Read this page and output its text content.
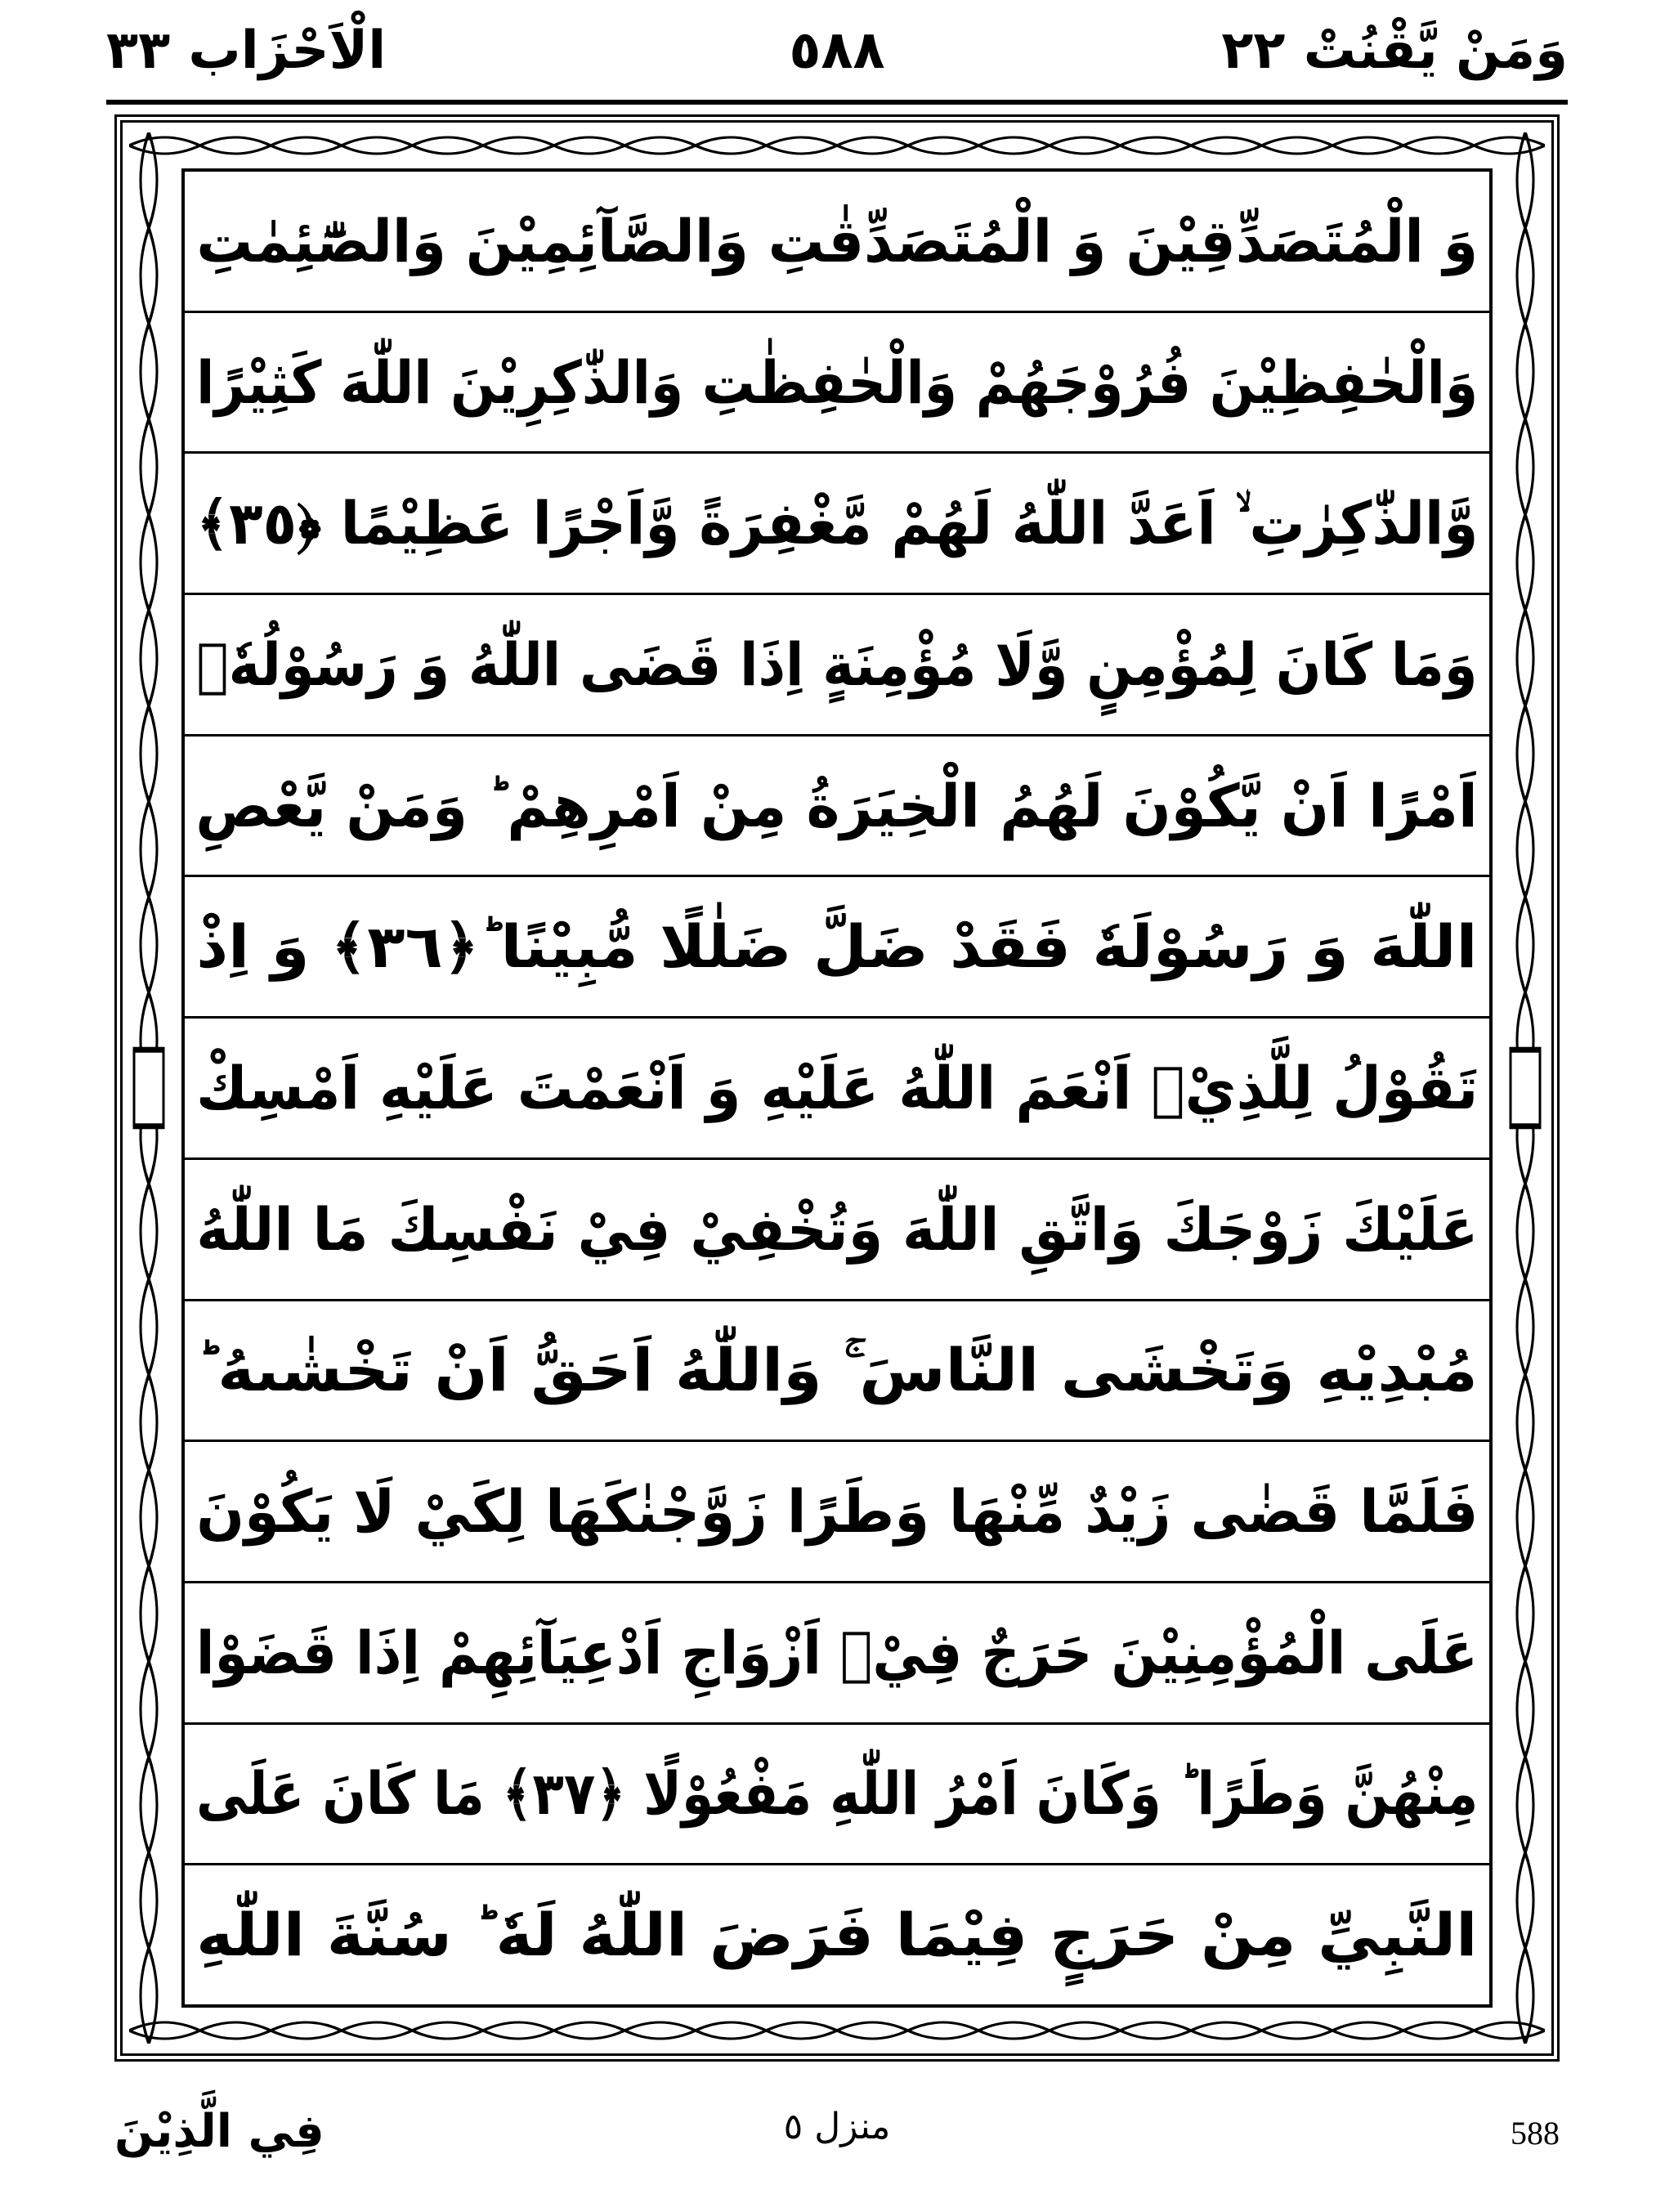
الْاَحْزَاب ٣٣	٥٨٨	وَمَنْ يَّقْنُتْ ٢٢
وَ الْمُتَصَدِّقِيْنَ وَ الْمُتَصَدِّقٰتِ وَالصَّآئِمِيْنَ وَالصّٰٓئِمٰتِ
وَالْحٰفِظِيْنَ فُرُوْجَهُمْ وَالْحٰفِظٰتِ وَالذّٰكِرِيْنَ اللّٰهَ كَثِيْرًا
وَّالذّٰكِرٰتِ ۙ اَعَدَّ اللّٰهُ لَهُمْ مَّغْفِرَةً وَّاَجْرًا عَظِيْمًا ﴿٣٥﴾
وَمَا كَانَ لِمُؤْمِنٍ وَّلَا مُؤْمِنَةٍ اِذَا قَضَى اللّٰهُ وَ رَسُوْلُهٗۤ
اَمْرًا اَنْ يَّكُوْنَ لَهُمُ الْخِيَرَةُ مِنْ اَمْرِهِمْ ؕ وَمَنْ يَّعْصِ
اللّٰهَ وَ رَسُوْلَهٗ فَقَدْ ضَلَّ ضَلٰلًا مُّبِيْنًا ؕ﴿٣٦﴾ وَ اِذْ
تَقُوْلُ لِلَّذِيْۤ اَنْعَمَ اللّٰهُ عَلَيْهِ وَ اَنْعَمْتَ عَلَيْهِ اَمْسِكْ
عَلَيْكَ زَوْجَكَ وَاتَّقِ اللّٰهَ وَتُخْفِيْ فِيْ نَفْسِكَ مَا اللّٰهُ
مُبْدِيْهِ وَتَخْشَى النَّاسَ ۚ وَاللّٰهُ اَحَقُّ اَنْ تَخْشٰىهُ ؕ
فَلَمَّا قَضٰى زَيْدٌ مِّنْهَا وَطَرًا زَوَّجْنٰكَهَا لِكَيْ لَا يَكُوْنَ
عَلَى الْمُؤْمِنِيْنَ حَرَجٌ فِيْۤ اَزْوَاجِ اَدْعِيَآئِهِمْ اِذَا قَضَوْا
مِنْهُنَّ وَطَرًا ؕ وَكَانَ اَمْرُ اللّٰهِ مَفْعُوْلًا ﴿٣٧﴾ مَا كَانَ عَلَى
النَّبِيِّ مِنْ حَرَجٍ فِيْمَا فَرَضَ اللّٰهُ لَهٗ ؕ سُنَّةَ اللّٰهِ
فِي الَّذِيْنَ	منزل ٥	588
